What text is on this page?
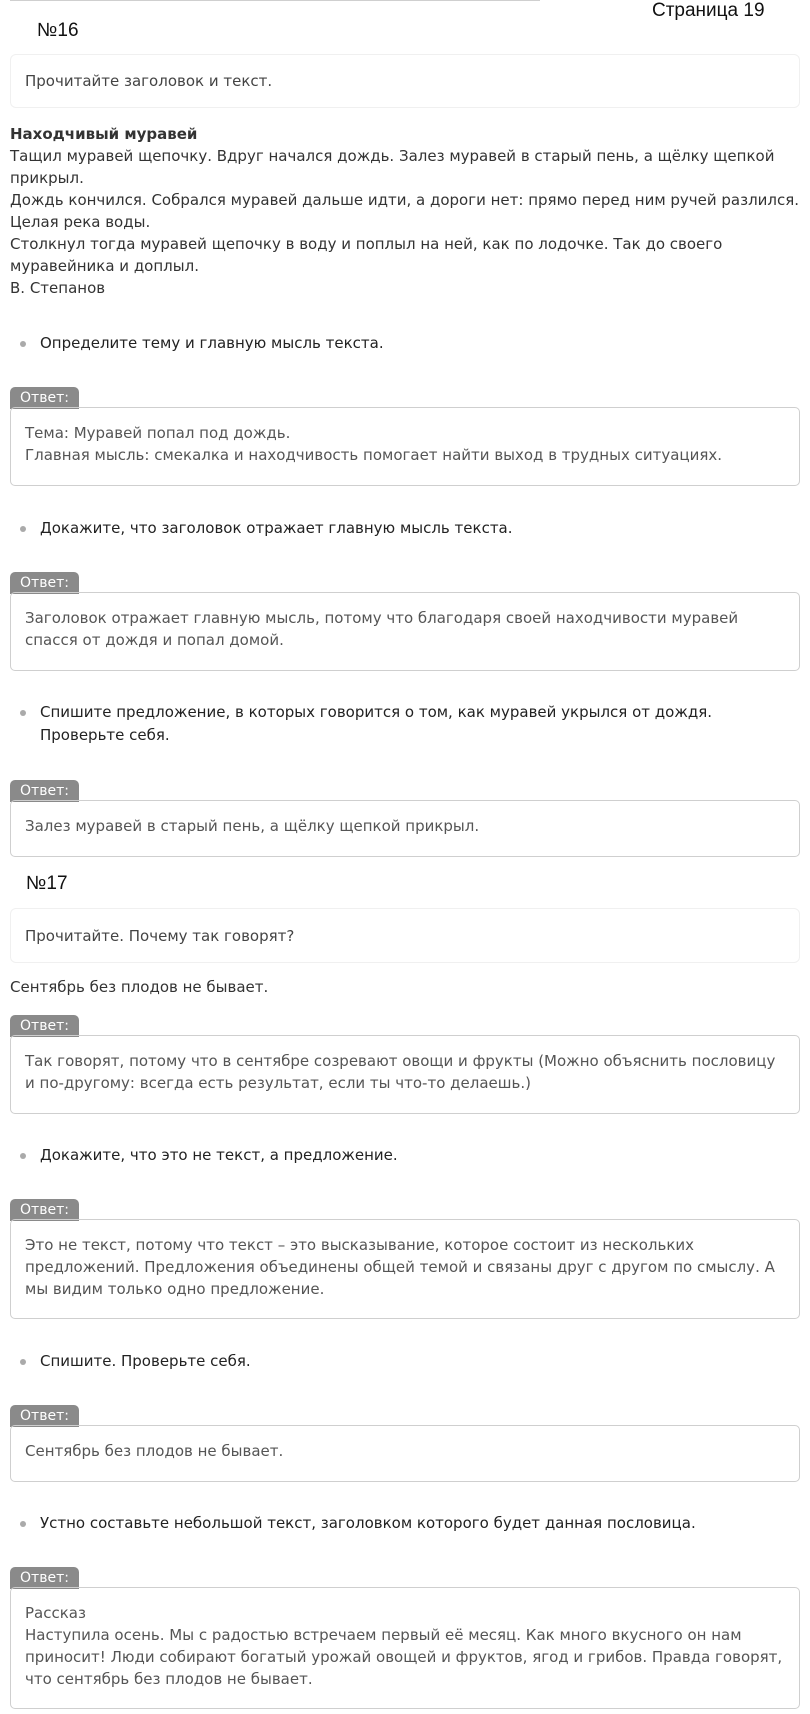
Страница 19
№16
Прочитайте заголовок и текст.
Находчивый муравей
Тащил муравей щепочку. Вдруг начался дождь. Залез муравей в старый пень, а щёлку щепкой прикрыл.
Дождь кончился. Собрался муравей дальше идти, а дороги нет: прямо перед ним ручей разлился. Целая река воды.
Столкнул тогда муравей щепочку в воду и поплыл на ней, как по лодочке. Так до своего муравейника и доплыл.
В. Степанов
Определите тему и главную мысль текста.
Ответ:
Тема: Муравей попал под дождь.
Главная мысль: смекалка и находчивость помогает найти выход в трудных ситуациях.
Докажите, что заголовок отражает главную мысль текста.
Ответ:
Заголовок отражает главную мысль, потому что благодаря своей находчивости муравей спасся от дождя и попал домой.
Спишите предложение, в которых говорится о том, как муравей укрылся от дождя. Проверьте себя.
Ответ:
Залез муравей в старый пень, а щёлку щепкой прикрыл.
№17
Прочитайте. Почему так говорят?
Сентябрь без плодов не бывает.
Ответ:
Так говорят, потому что в сентябре созревают овощи и фрукты (Можно объяснить пословицу и по-другому: всегда есть результат, если ты что-то делаешь.)
Докажите, что это не текст, а предложение.
Ответ:
Это не текст, потому что текст – это высказывание, которое состоит из нескольких предложений. Предложения объединены общей темой и связаны друг с другом по смыслу. А мы видим только одно предложение.
Спишите. Проверьте себя.
Ответ:
Сентябрь без плодов не бывает.
Устно составьте небольшой текст, заголовком которого будет данная пословица.
Ответ:
Рассказ
Наступила осень. Мы с радостью встречаем первый её месяц. Как много вкусного он нам приносит! Люди собирают богатый урожай овощей и фруктов, ягод и грибов. Правда говорят, что сентябрь без плодов не бывает.
